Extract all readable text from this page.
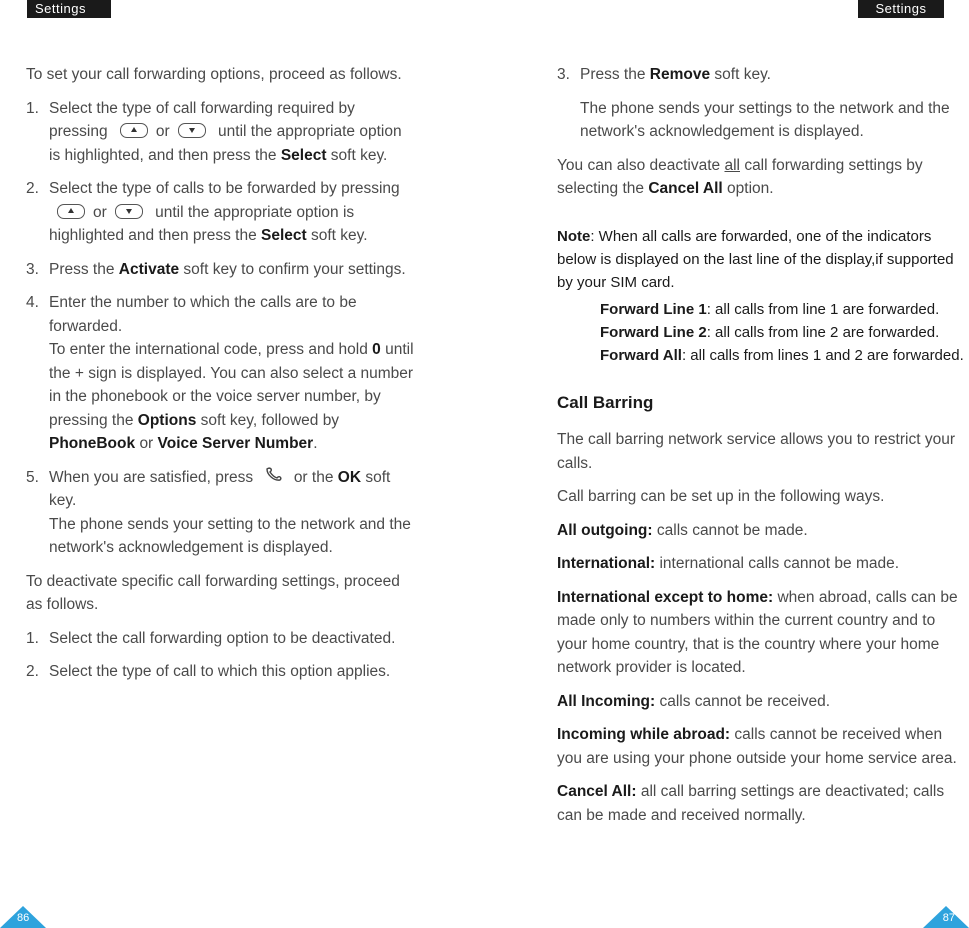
Settings	Settings

To set your call forwarding options, proceed as follows.

1. Select the type of call forwarding required by pressing	or	until the appropriate option is highlighted, and then press the Select soft key.
2. Select the type of calls to be forwarded by pressing or	until the appropriate option is highlighted and then press the Select soft key.
3. Press the Activate soft key to confirm your settings.
4. Enter the number to which the calls are to be forwarded.
To enter the international code, press and hold 0 until the + sign is displayed. You can also select a number in the phonebook or the voice server number, by pressing the Options soft key, followed by PhoneBook or Voice Server Number.
5. When you are satisfied, press	or the OK soft key.
The phone sends your setting to the network and the network's acknowledgement is displayed.

To deactivate specific call forwarding settings, proceed as follows.

1. Select the call forwarding option to be deactivated.
2. Select the type of call to which this option applies.
3. Press the Remove soft key.
The phone sends your settings to the network and the network's acknowledgement is displayed.

You can also deactivate all call forwarding settings by selecting the Cancel All option.

Note: When all calls are forwarded, one of the indicators below is displayed on the last line of the display,if supported by your SIM card.
Forward Line 1: all calls from line 1 are forwarded.
Forward Line 2: all calls from line 2 are forwarded.
Forward All: all calls from lines 1 and 2 are forwarded.
Call Barring

The call barring network service allows you to restrict your calls.

Call barring can be set up in the following ways.

All outgoing: calls cannot be made.

International: international calls cannot be made.

International except to home: when abroad, calls can be made only to numbers within the current country and to your home country, that is the country where your home network provider is located.

All Incoming: calls cannot be received.

Incoming while abroad: calls cannot be received when you are using your phone outside your home service area.

Cancel All: all call barring settings are deactivated; calls can be made and received normally.

86	87
